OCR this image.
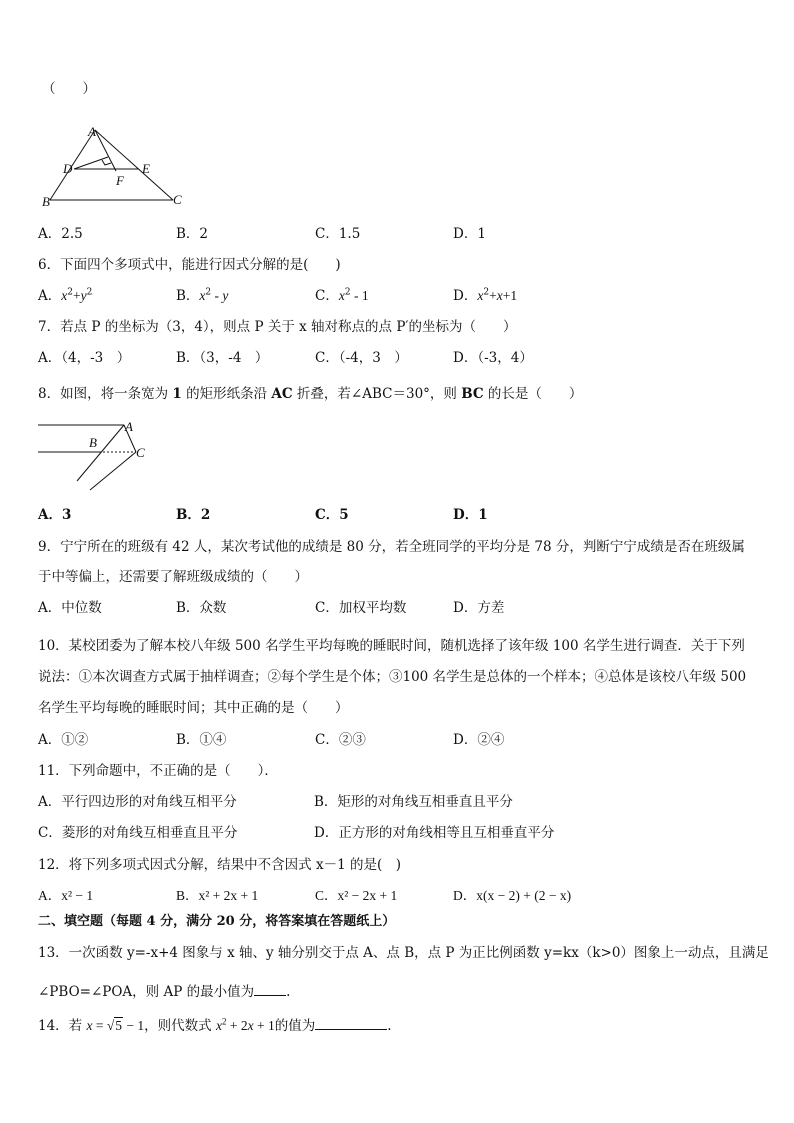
（　　）
A
D	E
F
B	C
A．2.5	B．2	C．1.5	D．1
6．下面四个多项式中，能进行因式分解的是(　　)
A．$x^2+y^2$	B．$x^2$ - y	C．$x^2 - 1$	D．$x^2+x+1$
7．若点 P 的坐标为（3，4），则点 P 关于 x 轴对称点的点 P′的坐标为（　　）
A．（4，-3　）	B．（3，-4　）	C．（-4，3　）	D．（-3，4）
8．如图，将一条宽为 1 的矩形纸条沿 AC 折叠，若∠ABC＝30°，则 BC 的长是（　　）
A
B
C
A．3	B．2	C．5	D．1
9．宁宁所在的班级有 42 人，某次考试他的成绩是 80 分，若全班同学的平均分是 78 分，判断宁宁成绩是否在班级属
于中等偏上，还需要了解班级成绩的（　　）
A．中位数	B．众数	C．加权平均数	D．方差
10．某校团委为了解本校八年级 500 名学生平均每晚的睡眠时间，随机选择了该年级 100 名学生进行调查．关于下列
说法：①本次调查方式属于抽样调查；②每个学生是个体；③100 名学生是总体的一个样本；④总体是该校八年级 500
名学生平均每晚的睡眠时间；其中正确的是（　　）
A．①②	B．①④	C．②③	D．②④
11．下列命题中，不正确的是（　　）．
A．平行四边形的对角线互相平分	B．矩形的对角线互相垂直且平分
C．菱形的对角线互相垂直且平分	D．正方形的对角线相等且互相垂直平分
12．将下列多项式因式分解，结果中不含因式 x－1 的是(　)
A．x² − 1	B．x² + 2x + 1	C．x² − 2x + 1	D．x(x − 2) + (2 − x)
二、填空题（每题 4 分，满分 20 分，将答案填在答题纸上）
13．一次函数 y=-x+4 图象与 x 轴、y 轴分别交于点 A、点 B，点 P 为正比例函数 y=kx（k>0）图象上一动点，且满足
∠PBO=∠POA，则 AP 的最小值为 .
14．若 x = √5 − 1，则代数式 $x^2 + 2x + 1$的值为	.
